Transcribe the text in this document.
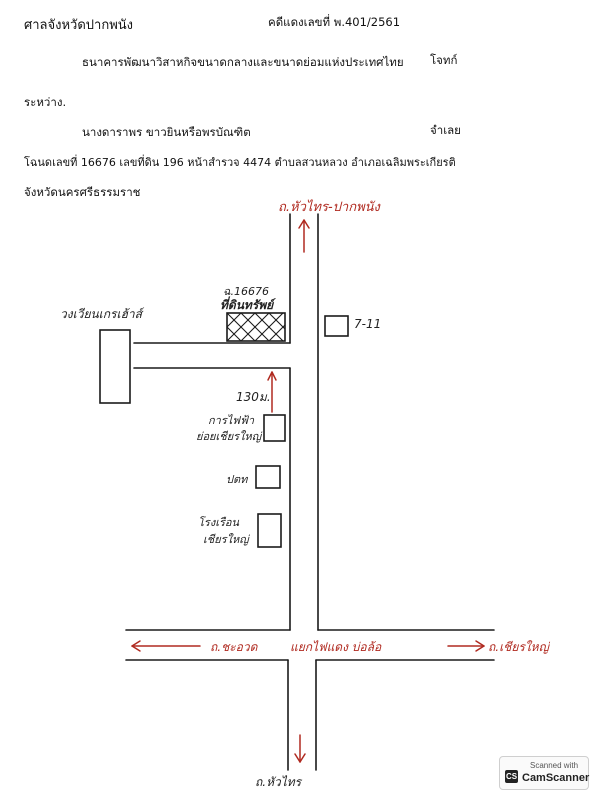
ศาลจังหวัดปากพนัง	คดีแดงเลขที่ พ.401/2561
ธนาคารพัฒนาวิสาหกิจขนาดกลางและขนาดย่อมแห่งประเทศไทย โจทก์
ระหว่าง.
นางดาราพร ขาวยินหรือพรบัณฑิต	จำเลย
โฉนดเลขที่ 16676 เลขที่ดิน 196 หน้าสำรวจ 4474 ตำบลสวนหลวง อำเภอเฉลิมพระเกียรติ
จังหวัดนครศรีธรรมราช
ถ.หัวไทร-ปากพนัง
ฉ.16676
ที่ดินทรัพย์
วงเวียนเกรเฮ้าส์
7-11
130ม.
การไฟฟ้า
ย่อยเชียรใหญ่
ปตท
โรงเรือน
เชียรใหญ่
ถ.ชะอวด	แยกไฟแดง บ่อล้อ	ถ.เชียรใหญ่
ถ.หัวไทร	CS
Scanned with
CamScanner
